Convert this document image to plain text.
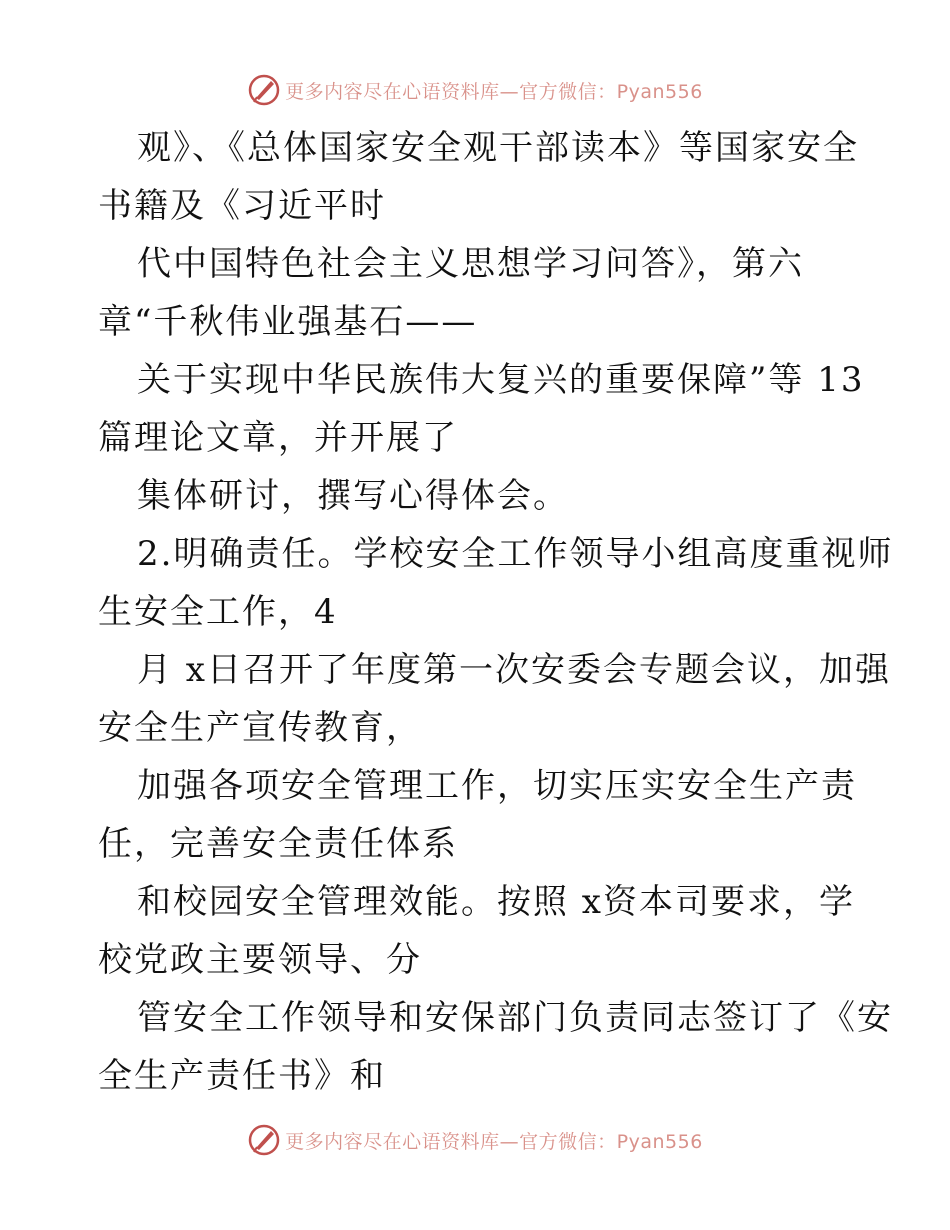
更多内容尽在心语资料库—官方微信：Pyan556
观》、《总体国家安全观干部读本》等国家安全
书籍及《习近平时
代中国特色社会主义思想学习问答》，第六
章“千秋伟业强基石——
关于实现中华民族伟大复兴的重要保障”等 13
篇理论文章，并开展了
集体研讨，撰写心得体会。
2.明确责任。学校安全工作领导小组高度重视师
生安全工作，4
月 x日召开了年度第一次安委会专题会议，加强
安全生产宣传教育，
加强各项安全管理工作，切实压实安全生产责
任，完善安全责任体系
和校园安全管理效能。按照 x资本司要求，学
校党政主要领导、分
管安全工作领导和安保部门负责同志签订了《安
全生产责任书》和
更多内容尽在心语资料库—官方微信：Pyan556
